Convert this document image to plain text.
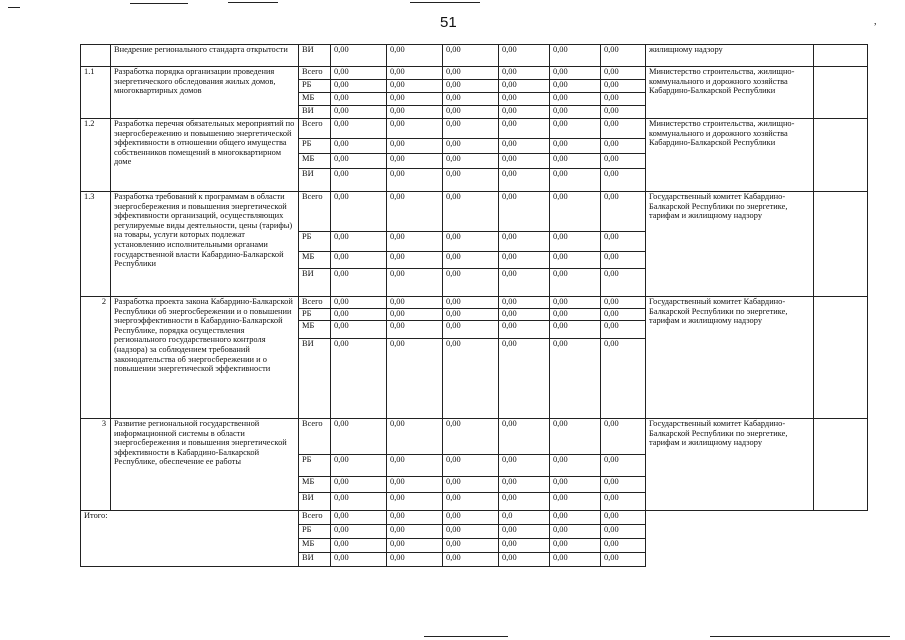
51	,
	Внедрение регионального стандарта открытости	ВИ	0,00	0,00	0,00	0,00	0,00	0,00	жилищному надзору	
1.1	Разработка порядка организации проведения энергетического обследования жилых домов, многоквартирных домов	Всего	0,00	0,00	0,00	0,00	0,00	0,00	Министерство строительства, жилищно-коммунального и дорожного хозяйства Кабардино-Балкарской Республики	
		РБ	0,00	0,00	0,00	0,00	0,00	0,00		
		МБ	0,00	0,00	0,00	0,00	0,00	0,00		
		ВИ	0,00	0,00	0,00	0,00	0,00	0,00		
1.2	Разработка перечня обязательных мероприятий по энергосбережению и повышению энергетической эффективности в отношении общего имущества собственников помещений в многоквартирном доме	Всего	0,00	0,00	0,00	0,00	0,00	0,00	Министерство строительства, жилищно-коммунального и дорожного хозяйства Кабардино-Балкарской Республики	
		РБ	0,00	0,00	0,00	0,00	0,00	0,00		
		МБ	0,00	0,00	0,00	0,00	0,00	0,00		
		ВИ	0,00	0,00	0,00	0,00	0,00	0,00		
1.3	Разработка требований к программам в области энергосбережения и повышения энергетической эффективности организаций, осуществляющих регулируемые виды деятельности, цены (тарифы) на товары, услуги которых подлежат установлению исполнительными органами государственной власти Кабардино-Балкарской Республики	Всего	0,00	0,00	0,00	0,00	0,00	0,00	Государственный комитет Кабардино-Балкарской Республики по энергетике, тарифам и жилищному надзору	
		РБ	0,00	0,00	0,00	0,00	0,00	0,00		
		МБ	0,00	0,00	0,00	0,00	0,00	0,00		
		ВИ	0,00	0,00	0,00	0,00	0,00	0,00		
2	Разработка проекта закона Кабардино-Балкарской Республики об энергосбережении и о повышении энергоэффективности в Кабардино-Балкарской Республике, порядка осуществления регионального государственного контроля (надзора) за соблюдением требований законодательства об энергосбережении и о повышении энергетической эффективности	Всего	0,00	0,00	0,00	0,00	0,00	0,00	Государственный комитет Кабардино-Балкарской Республики по энергетике, тарифам и жилищному надзору	
		РБ	0,00	0,00	0,00	0,00	0,00	0,00		
		МБ	0,00	0,00	0,00	0,00	0,00	0,00		
		ВИ	0,00	0,00	0,00	0,00	0,00	0,00		
3	Развитие региональной государственной информационной системы в области энергосбережения и повышения энергетической эффективности в Кабардино-Балкарской Республике, обеспечение ее работы	Всего	0,00	0,00	0,00	0,00	0,00	0,00	Государственный комитет Кабардино-Балкарской Республики по энергетике, тарифам и жилищному надзору	
		РБ	0,00	0,00	0,00	0,00	0,00	0,00		
		МБ	0,00	0,00	0,00	0,00	0,00	0,00		
		ВИ	0,00	0,00	0,00	0,00	0,00	0,00		
Итого:		Всего	0,00	0,00	0,00	0,0	0,00	0,00		
		РБ	0,00	0,00	0,00	0,00	0,00	0,00		
		МБ	0,00	0,00	0,00	0,00	0,00	0,00		
		ВИ	0,00	0,00	0,00	0,00	0,00	0,00		
